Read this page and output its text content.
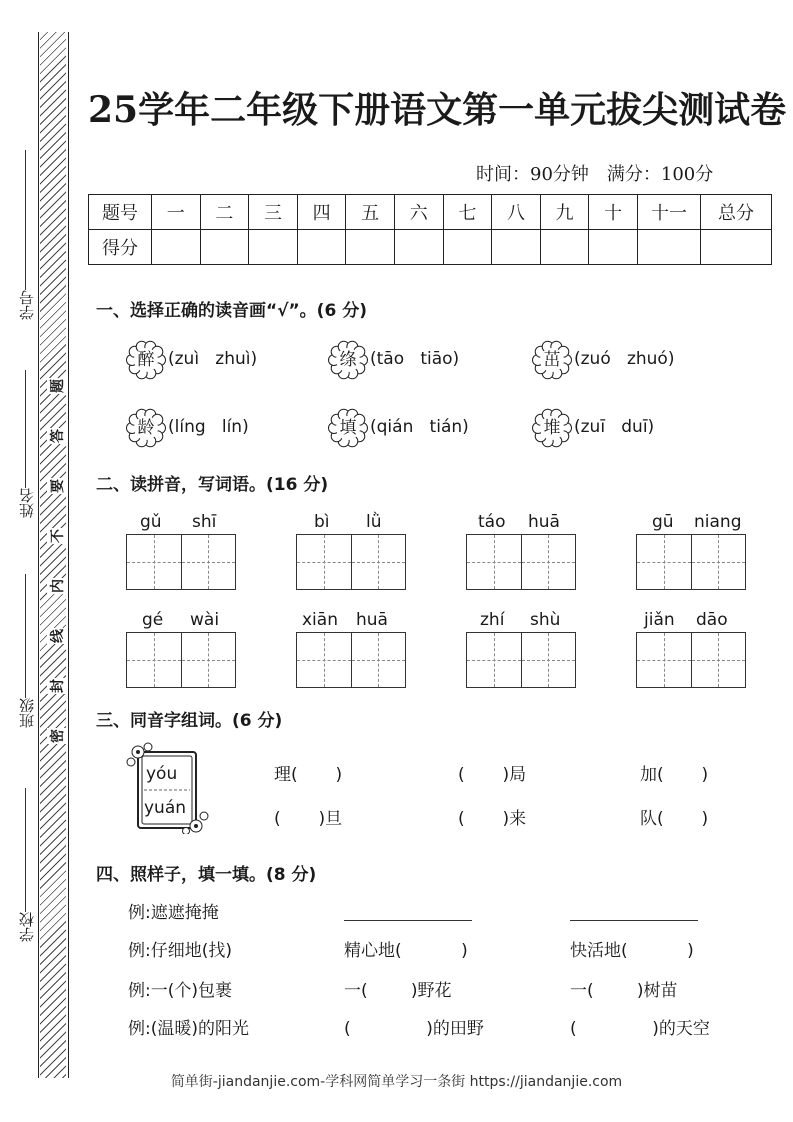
学号
姓名
班级
学校
题
答
要
不
内
线
封
密
25学年二年级下册语文第一单元拔尖测试卷
时间：90分钟 满分：100分
题号	一	二	三	四	五	六	七	八	九	十	十一	总分
得分												
一、选择正确的读音画“√”。(6 分)
醉 (zuì   zhuì)	绦 (tāo   tiāo)	茁 (zuó   zhuó)
龄 (líng   lín)	填 (qián   tián)	堆 (zuī   duī)
二、读拼音，写词语。(16 分)
gǔ shī	bì lǜ	táo huā	gū niang
gé wài	xiān huā	zhí shù	jiǎn dāo
三、同音字组词。(6 分)
yóu
yuán
理(       )	(       )局	加(       )
(       )旦	(       )来	队(       )
四、照样子，填一填。(8 分)
例:遮遮掩掩
例:仔细地(找)	精心地(           )	快活地(           )
例:一(个)包裹	一(        )野花	一(        )树苗
例:(温暖)的阳光	(              )的田野	(              )的天空
简单街-jiandanjie.com-学科网简单学习一条街 https://jiandanjie.com
